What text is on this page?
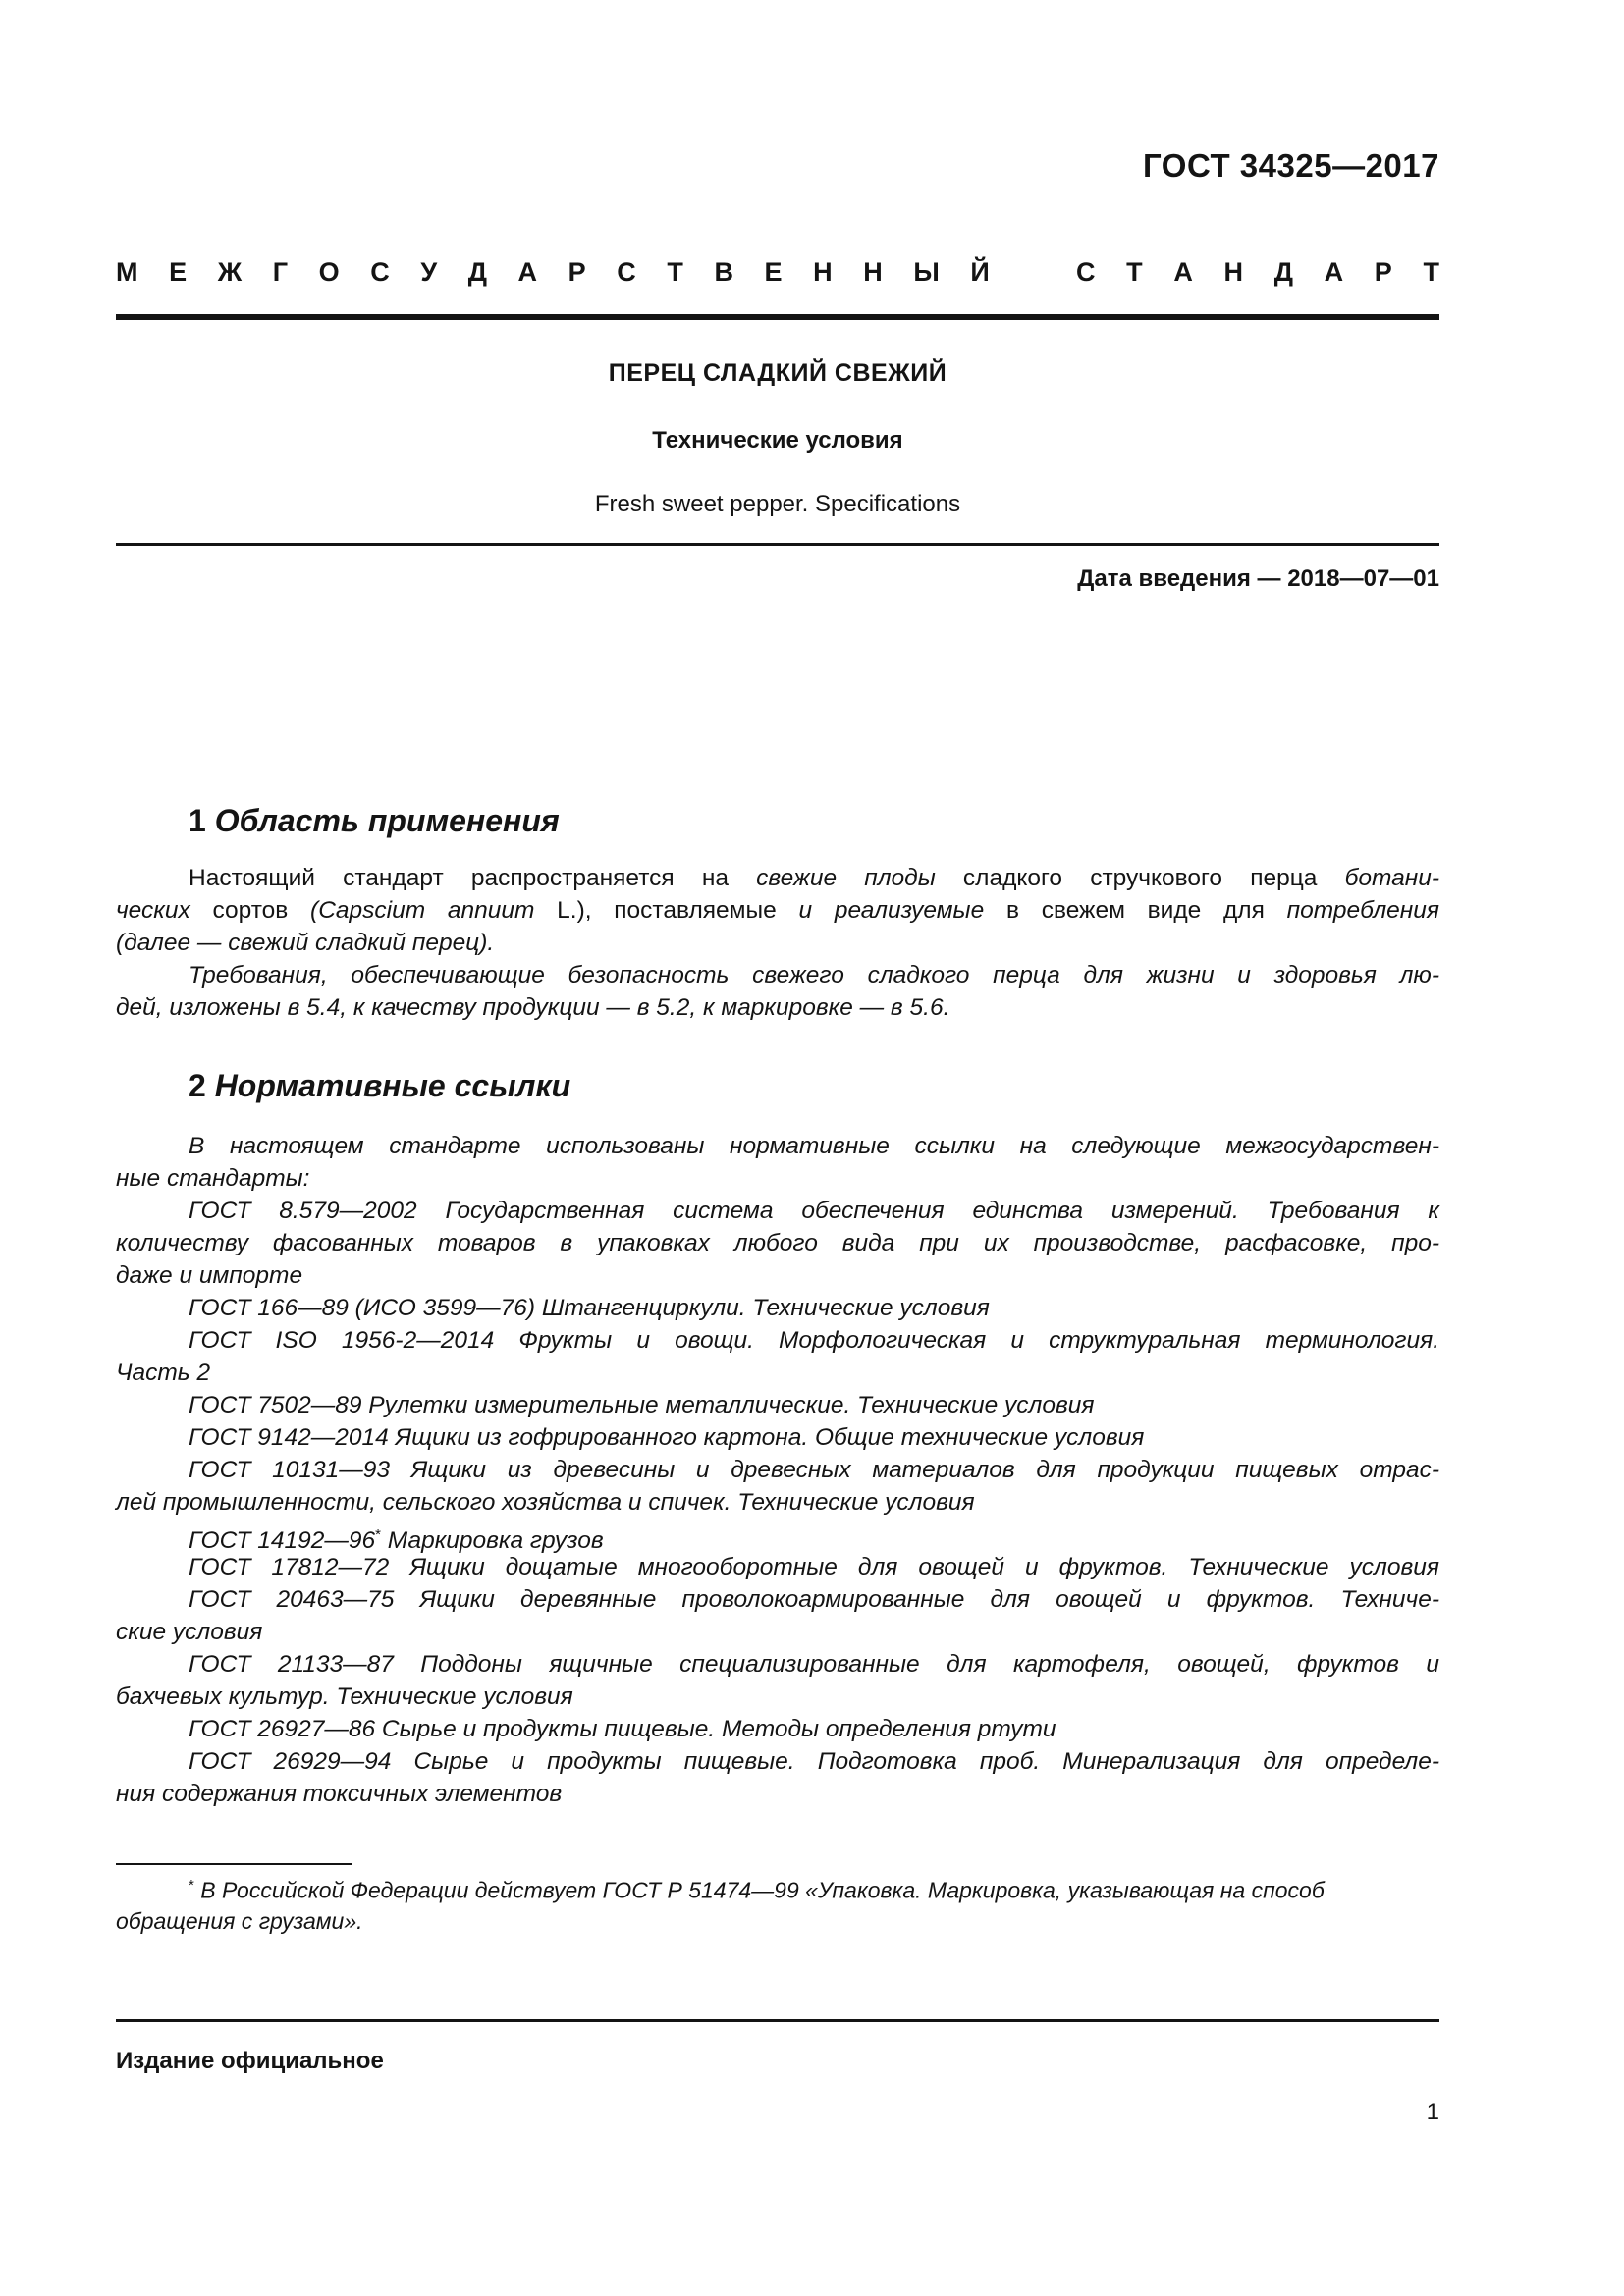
ГОСТ 34325—2017
М Е Ж Г О С У Д А Р С Т В Е Н Н Ы Й	С Т А Н Д А Р Т
ПЕРЕЦ СЛАДКИЙ СВЕЖИЙ
Технические условия
Fresh sweet pepper. Specifications
Дата введения — 2018—07—01
1 Область применения
Настоящий стандарт распространяется на свежие плоды сладкого стручкового перца ботани-
ческих сортов (Capscium annuum L.), поставляемые и реализуемые в свежем виде для потребления
(далее — свежий сладкий перец).
Требования, обеспечивающие безопасность свежего сладкого перца для жизни и здоровья лю-
дей, изложены в 5.4, к качеству продукции — в 5.2, к маркировке — в 5.6.
2 Нормативные ссылки
В настоящем стандарте использованы нормативные ссылки на следующие межгосударствен-
ные стандарты:
ГОСТ 8.579—2002 Государственная система обеспечения единства измерений. Требования к
количеству фасованных товаров в упаковках любого вида при их производстве, расфасовке, про-
даже и импорте
ГОСТ 166—89 (ИСО 3599—76) Штангенциркули. Технические условия
ГОСТ ISO 1956-2—2014 Фрукты и овощи. Морфологическая и структуральная терминология.
Часть 2
ГОСТ 7502—89 Рулетки измерительные металлические. Технические условия
ГОСТ 9142—2014 Ящики из гофрированного картона. Общие технические условия
ГОСТ 10131—93 Ящики из древесины и древесных материалов для продукции пищевых отрас-
лей промышленности, сельского хозяйства и спичек. Технические условия
ГОСТ 14192—96* Маркировка грузов
ГОСТ 17812—72 Ящики дощатые многооборотные для овощей и фруктов. Технические условия
ГОСТ 20463—75 Ящики деревянные проволокоармированные для овощей и фруктов. Техниче-
ские условия
ГОСТ 21133—87 Поддоны ящичные специализированные для картофеля, овощей, фруктов и
бахчевых культур. Технические условия
ГОСТ 26927—86 Сырье и продукты пищевые. Методы определения ртути
ГОСТ 26929—94 Сырье и продукты пищевые. Подготовка проб. Минерализация для определе-
ния содержания токсичных элементов
* В Российской Федерации действует ГОСТ Р 51474—99 «Упаковка. Маркировка, указывающая на способ
обращения с грузами».
Издание официальное
1
